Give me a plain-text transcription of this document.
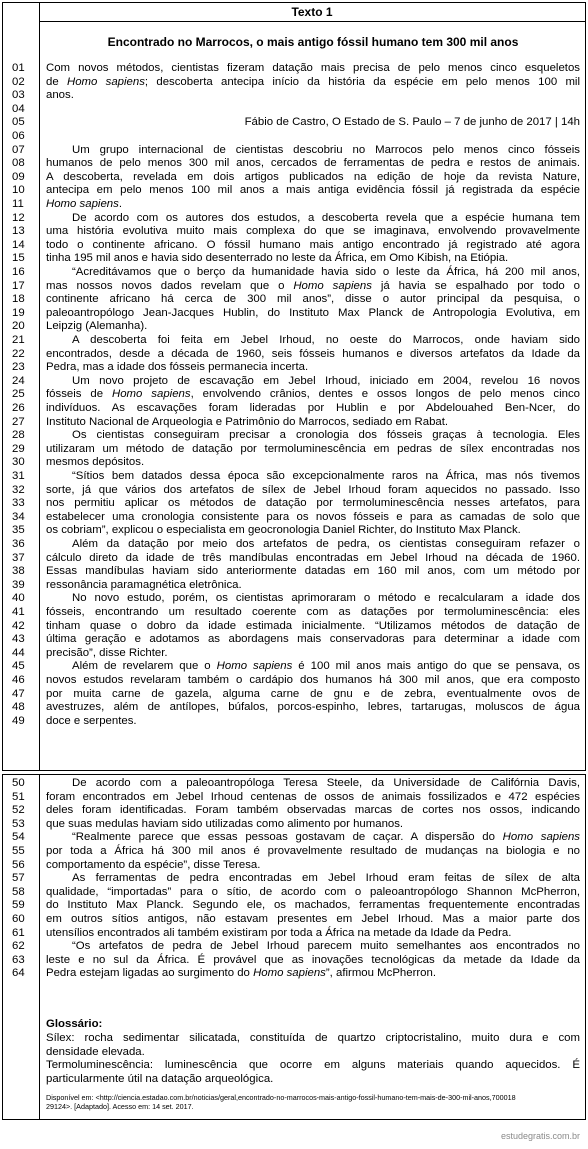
01
02
03
04
05
06
07
08
09
10
11
12
13
14
15
16
17
18
19
20
21
22
23
24
25
26
27
28
29
30
31
32
33
34
35
36
37
38
39
40
41
42
43
44
45
46
47
48
49
Texto 1
Encontrado no Marrocos, o mais antigo fóssil humano tem 300 mil anos
Com novos métodos, cientistas fizeram datação mais precisa de pelo menos cinco esqueletos
de Homo sapiens; descoberta antecipa início da história da espécie em pelo menos 100 mil
anos.
Fábio de Castro, O Estado de S. Paulo – 7 de junho de 2017 | 14h
Um grupo internacional de cientistas descobriu no Marrocos pelo menos cinco fósseis
humanos de pelo menos 300 mil anos, cercados de ferramentas de pedra e restos de animais.
A descoberta, revelada em dois artigos publicados na edição de hoje da revista Nature,
antecipa em pelo menos 100 mil anos a mais antiga evidência fóssil já registrada da espécie
Homo sapiens.
De acordo com os autores dos estudos, a descoberta revela que a espécie humana tem
uma história evolutiva muito mais complexa do que se imaginava, envolvendo provavelmente
todo o continente africano. O fóssil humano mais antigo encontrado já registrado até agora
tinha 195 mil anos e havia sido desenterrado no leste da África, em Omo Kibish, na Etiópia.
“Acreditávamos que o berço da humanidade havia sido o leste da África, há 200 mil anos,
mas nossos novos dados revelam que o Homo sapiens já havia se espalhado por todo o
continente africano há cerca de 300 mil anos”, disse o autor principal da pesquisa, o
paleoantropólogo Jean-Jacques Hublin, do Instituto Max Planck de Antropologia Evolutiva, em
Leipzig (Alemanha).
A descoberta foi feita em Jebel Irhoud, no oeste do Marrocos, onde haviam sido
encontrados, desde a década de 1960, seis fósseis humanos e diversos artefatos da Idade da
Pedra, mas a idade dos fósseis permanecia incerta.
Um novo projeto de escavação em Jebel Irhoud, iniciado em 2004, revelou 16 novos
fósseis de Homo sapiens, envolvendo crânios, dentes e ossos longos de pelo menos cinco
indivíduos. As escavações foram lideradas por Hublin e por Abdelouahed Ben-Ncer, do
Instituto Nacional de Arqueologia e Patrimônio do Marrocos, sediado em Rabat.
Os cientistas conseguiram precisar a cronologia dos fósseis graças à tecnologia. Eles
utilizaram um método de datação por termoluminescência em pedras de sílex encontradas nos
mesmos depósitos.
“Sítios bem datados dessa época são excepcionalmente raros na África, mas nós tivemos
sorte, já que vários dos artefatos de sílex de Jebel Irhoud foram aquecidos no passado. Isso
nos permitiu aplicar os métodos de datação por termoluminescência nesses artefatos, para
estabelecer uma cronologia consistente para os novos fósseis e para as camadas de solo que
os cobriam”, explicou o especialista em geocronologia Daniel Richter, do Instituto Max Planck.
Além da datação por meio dos artefatos de pedra, os cientistas conseguiram refazer o
cálculo direto da idade de três mandíbulas encontradas em Jebel Irhoud na década de 1960.
Essas mandíbulas haviam sido anteriormente datadas em 160 mil anos, com um método por
ressonância paramagnética eletrônica.
No novo estudo, porém, os cientistas aprimoraram o método e recalcularam a idade dos
fósseis, encontrando um resultado coerente com as datações por termoluminescência: eles
tinham quase o dobro da idade estimada inicialmente. “Utilizamos métodos de datação de
última geração e adotamos as abordagens mais conservadoras para determinar a idade com
precisão”, disse Richter.
Além de revelarem que o Homo sapiens é 100 mil anos mais antigo do que se pensava, os
novos estudos revelaram também o cardápio dos humanos há 300 mil anos, que era composto
por muita carne de gazela, alguma carne de gnu e de zebra, eventualmente ovos de
avestruzes, além de antílopes, búfalos, porcos-espinho, lebres, tartarugas, moluscos de água
doce e serpentes.
50
51
52
53
54
55
56
57
58
59
60
61
62
63
64
De acordo com a paleoantropóloga Teresa Steele, da Universidade de Califórnia Davis,
foram encontrados em Jebel Irhoud centenas de ossos de animais fossilizados e 472 espécies
deles foram identificadas. Foram também observadas marcas de cortes nos ossos, indicando
que suas medulas haviam sido utilizadas como alimento por humanos.
“Realmente parece que essas pessoas gostavam de caçar. A dispersão do Homo sapiens
por toda a África há 300 mil anos é provavelmente resultado de mudanças na biologia e no
comportamento da espécie”, disse Teresa.
As ferramentas de pedra encontradas em Jebel Irhoud eram feitas de sílex de alta
qualidade, “importadas” para o sítio, de acordo com o paleoantropólogo Shannon McPherron,
do Instituto Max Planck. Segundo ele, os machados, ferramentas frequentemente encontradas
em outros sítios antigos, não estavam presentes em Jebel Irhoud. Mas a maior parte dos
utensílios encontrados ali também existiram por toda a África na metade da Idade da Pedra.
“Os artefatos de pedra de Jebel Irhoud parecem muito semelhantes aos encontrados no
leste e no sul da África. É provável que as inovações tecnológicas da metade da Idade da
Pedra estejam ligadas ao surgimento do Homo sapiens”, afirmou McPherron.
Glossário:
Sílex: rocha sedimentar silicatada, constituída de quartzo criptocristalino, muito dura e com
densidade elevada.
Termoluminescência: luminescência que ocorre em alguns materiais quando aquecidos. É
particularmente útil na datação arqueológica.
Disponível em: <http://ciencia.estadao.com.br/noticias/geral,encontrado-no-marrocos-mais-antigo-fossil-humano-tem-mais-de-300-mil-anos,700018
29124>. [Adaptado]. Acesso em: 14 set. 2017.
estudegratis.com.br
